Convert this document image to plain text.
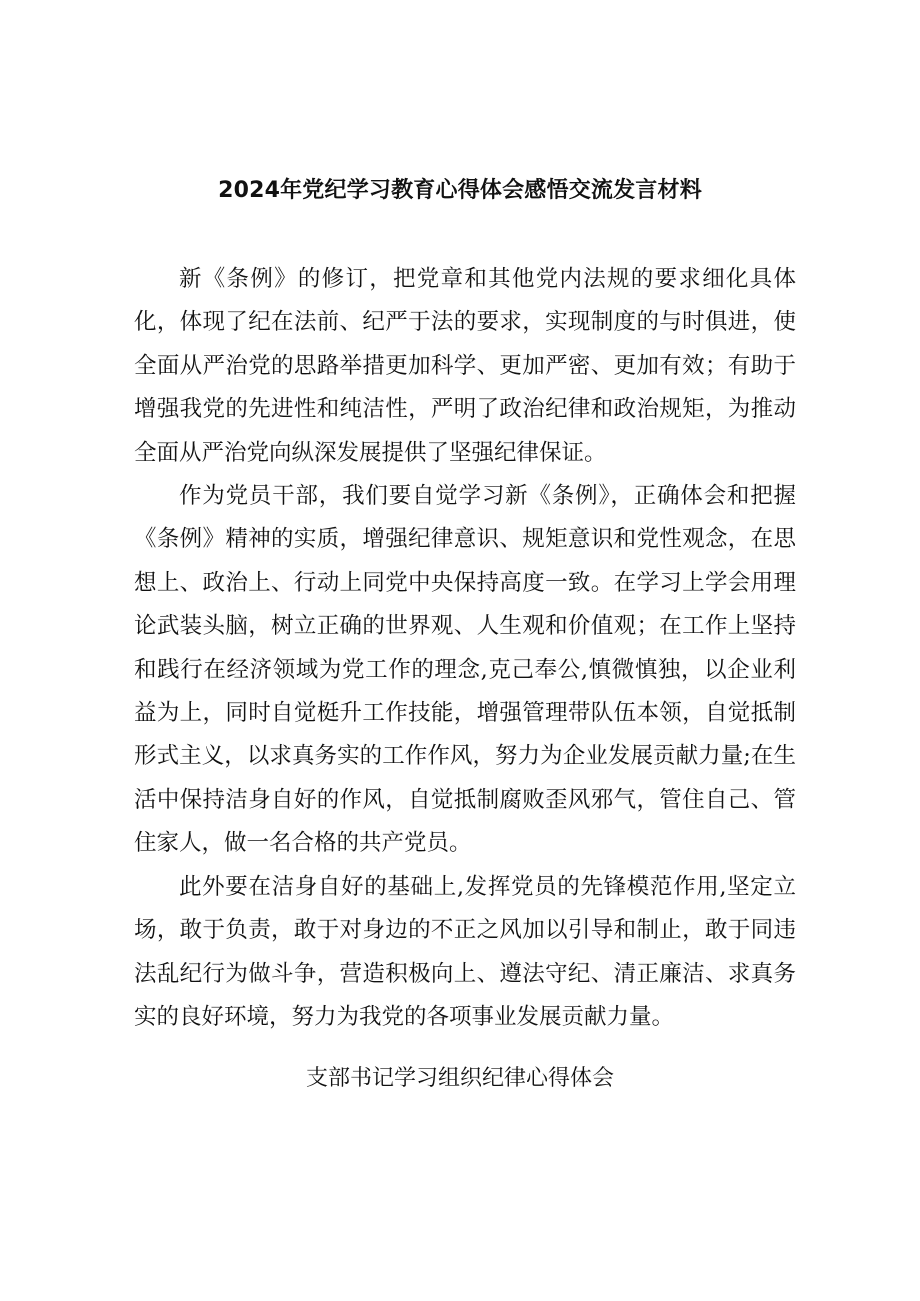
2024年党纪学习教育心得体会感悟交流发言材料

新《条例》的修订，把党章和其他党内法规的要求细化具体化，体现了纪在法前、纪严于法的要求，实现制度的与时俱进，使全面从严治党的思路举措更加科学、更加严密、更加有效；有助于增强我党的先进性和纯洁性，严明了政治纪律和政治规矩，为推动全面从严治党向纵深发展提供了坚强纪律保证。

作为党员干部，我们要自觉学习新《条例》，正确体会和把握《条例》精神的实质，增强纪律意识、规矩意识和党性观念，在思想上、政治上、行动上同党中央保持高度一致。在学习上学会用理论武装头脑，树立正确的世界观、人生观和价值观；在工作上坚持和践行在经济领域为党工作的理念,克己奉公,慎微慎独，以企业利益为上，同时自觉梃升工作技能，增强管理带队伍本领，自觉抵制形式主义，以求真务实的工作作风，努力为企业发展贡献力量;在生活中保持洁身自好的作风，自觉抵制腐败歪风邪气，管住自己、管住家人，做一名合格的共产党员。

此外要在洁身自好的基础上,发挥党员的先锋模范作用,坚定立场，敢于负责，敢于对身边的不正之风加以引导和制止，敢于同违法乱纪行为做斗争，营造积极向上、遵法守纪、清正廉洁、求真务实的良好环境，努力为我党的各项事业发展贡献力量。

支部书记学习组织纪律心得体会
